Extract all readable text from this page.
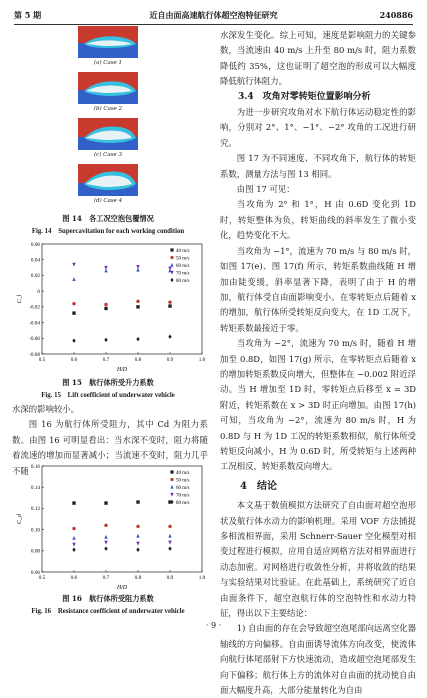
第 5 期	近自由面高速航行体超空泡特征研究	240886
(a) Case 1
(b) Case 2
(c) Case 3
(d) Case 4
图 14　各工况空泡包覆情况
Fig. 14　Supercavitation for each working condition
0.5	0.6	0.7	0.8	0.9	1.0
-0.08
-0.06
-0.04
-0.02
0
0.02
0.04
0.06
H/D
C_l
40 m/s
50 m/s
60 m/s
70 m/s
80 m/s
图 15　航行体所受升力系数
Fig. 15　Lift coefficient of underwater vehicle

水深的影响较小。

图 16 为航行体所受阻力，其中 Cd 为阻力系数。由图 16 可明显看出：当水深不变时，阻力将随着流速的增加而显著减小；当流速不变时，阻力几乎不随

0.5	0.6	0.7	0.8	0.9	1.0
0.06
0.08
0.10
0.12
0.14
0.16
H/D
C_d
40 m/s
50 m/s
60 m/s
70 m/s
80 m/s
图 16　航行体所受阻力系数
Fig. 16　Resistance coefficient of underwater vehicle

水深发生变化。综上可知，速度是影响阻力的关键参数，当流速由 40 m/s 上升至 80 m/s 时，阻力系数降低约 35%，这也证明了超空泡的形成可以大幅度降低航行体阻力。

3.4　攻角对零转矩位置影响分析

为进一步研究攻角对水下航行体运动稳定性的影响，分别对 2°、1°、−1°、−2° 攻角的工况进行研究。

图 17 为不同速度、不同攻角下，航行体的转矩系数，测量方法与图 13 相同。

由图 17 可见：

当攻角为 2° 和 1°，H 由 0.6D 变化到 1D 时，转矩整体为负，转矩曲线的斜率发生了微小变化，趋势变化不大。

当攻角为 −1°，流速为 70 m/s 与 80 m/s 时，如图 17(e)、图 17(f) 所示，转矩系数曲线随 H 增加由陡变缓，斜率显著下降，表明了由于 H 的增加，航行体受自由面影响变小。在零转矩点后随着 x 的增加，航行体所受转矩反向变大，在 1D 工况下，转矩系数最接近于零。

当攻角为 −2°，流速为 70 m/s 时，随着 H 增加至 0.8D，如图 17(g) 所示，在零转矩点后随着 x 的增加转矩系数反向增大，但整体在 −0.002 附近浮动。当 H 增加至 1D 时，零转矩点后移至 x = 3D 附近，转矩系数在 x > 3D 时正向增加。由图 17(h) 可知，当攻角为 −2°，流速为 80 m/s 时，H 为 0.8D 与 H 为 1D 工况的转矩系数相似，航行体所受转矩反向减小，H 为 0.6D 时，所受转矩与上述两种工况相反，转矩系数反向增大。

4　结论

本文基于数值模拟方法研究了自由面对超空泡形状及航行体水动力的影响机理。采用 VOF 方法捕捉多相流相界面，采用 Schnerr-Sauer 空化模型对相变过程进行模拟，应用自适应网格方法对相界面进行动态加密。对网格进行收敛性分析，并将收敛的结果与实验结果对比验证。在此基础上，系统研究了近自由面条件下，超空泡航行体的空泡特性和水动力特征，得出以下主要结论：

1) 自由面的存在会导致超空泡尾部向远离空化器轴线的方向偏移。自由面诱导流体方向改变，使流体向航行体尾部射下方快速流动，造成超空泡尾部发生向下偏移；航行体上方的流体对自由面的扰动使自由面大幅度升高，大部分能量转化为自由

· 9 ·
